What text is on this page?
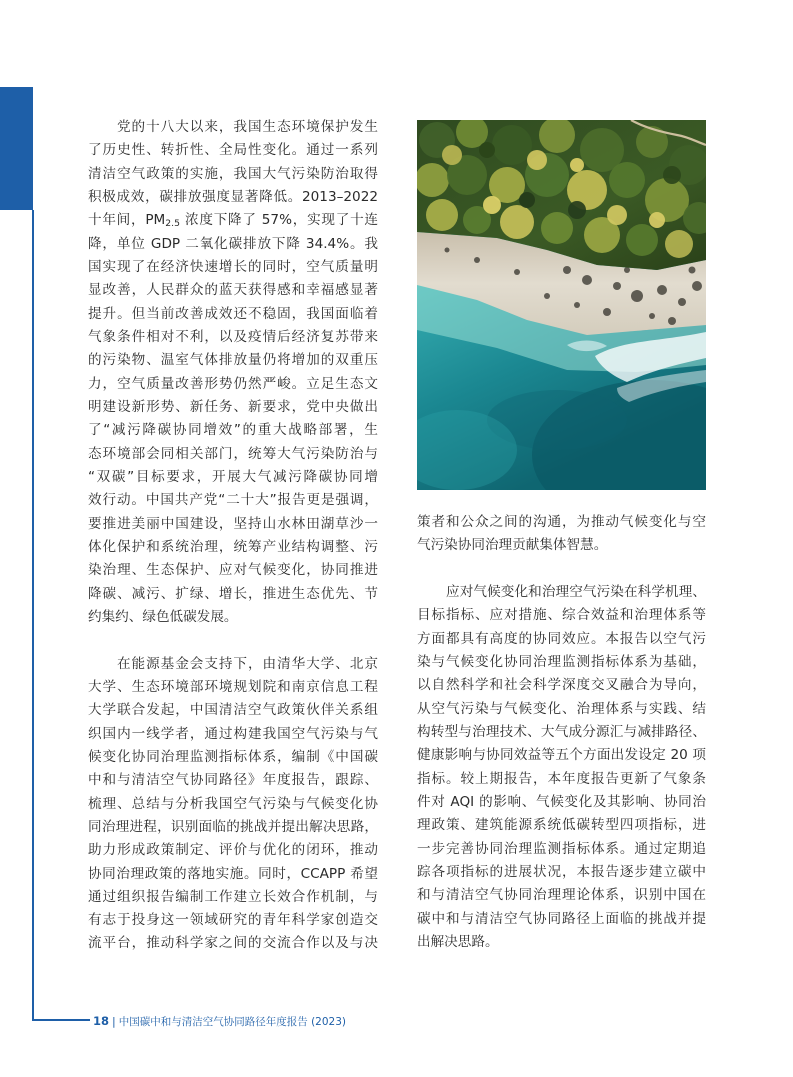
党的十八大以来，我国生态环境保护发生
了历史性、转折性、全局性变化。通过一系列
清洁空气政策的实施，我国大气污染防治取得
积极成效，碳排放强度显著降低。2013–2022
十年间，$PM_{2.5}$ 浓度下降了 57%，实现了十连
降，单位 GDP 二氧化碳排放下降 34.4%。我
国实现了在经济快速增长的同时，空气质量明
显改善，人民群众的蓝天获得感和幸福感显著
提升。但当前改善成效还不稳固，我国面临着
气象条件相对不利，以及疫情后经济复苏带来
的污染物、温室气体排放量仍将增加的双重压
力，空气质量改善形势仍然严峻。立足生态文
明建设新形势、新任务、新要求，党中央做出
了“减污降碳协同增效”的重大战略部署，生
态环境部会同相关部门，统筹大气污染防治与
“双碳”目标要求，开展大气减污降碳协同增
效行动。中国共产党“二十大”报告更是强调，
要推进美丽中国建设，坚持山水林田湖草沙一
体化保护和系统治理，统筹产业结构调整、污
染治理、生态保护、应对气候变化，协同推进
降碳、减污、扩绿、增长，推进生态优先、节
约集约、绿色低碳发展。
在能源基金会支持下，由清华大学、北京
大学、生态环境部环境规划院和南京信息工程
大学联合发起，中国清洁空气政策伙伴关系组
织国内一线学者，通过构建我国空气污染与气
候变化协同治理监测指标体系，编制《中国碳
中和与清洁空气协同路径》年度报告，跟踪、
梳理、总结与分析我国空气污染与气候变化协
同治理进程，识别面临的挑战并提出解决思路，
助力形成政策制定、评价与优化的闭环，推动
协同治理政策的落地实施。同时，CCAPP 希望
通过组织报告编制工作建立长效合作机制，与
有志于投身这一领域研究的青年科学家创造交
流平台，推动科学家之间的交流合作以及与决
策者和公众之间的沟通，为推动气候变化与空
气污染协同治理贡献集体智慧。
应对气候变化和治理空气污染在科学机理、
目标指标、应对措施、综合效益和治理体系等
方面都具有高度的协同效应。本报告以空气污
染与气候变化协同治理监测指标体系为基础，
以自然科学和社会科学深度交叉融合为导向，
从空气污染与气候变化、治理体系与实践、结
构转型与治理技术、大气成分源汇与减排路径、
健康影响与协同效益等五个方面出发设定 20 项
指标。较上期报告，本年度报告更新了气象条
件对 AQI 的影响、气候变化及其影响、协同治
理政策、建筑能源系统低碳转型四项指标，进
一步完善协同治理监测指标体系。通过定期追
踪各项指标的进展状况，本报告逐步建立碳中
和与清洁空气协同治理理论体系，识别中国在
碳中和与清洁空气协同路径上面临的挑战并提
出解决思路。
18 | 中国碳中和与清洁空气协同路径年度报告 (2023)
